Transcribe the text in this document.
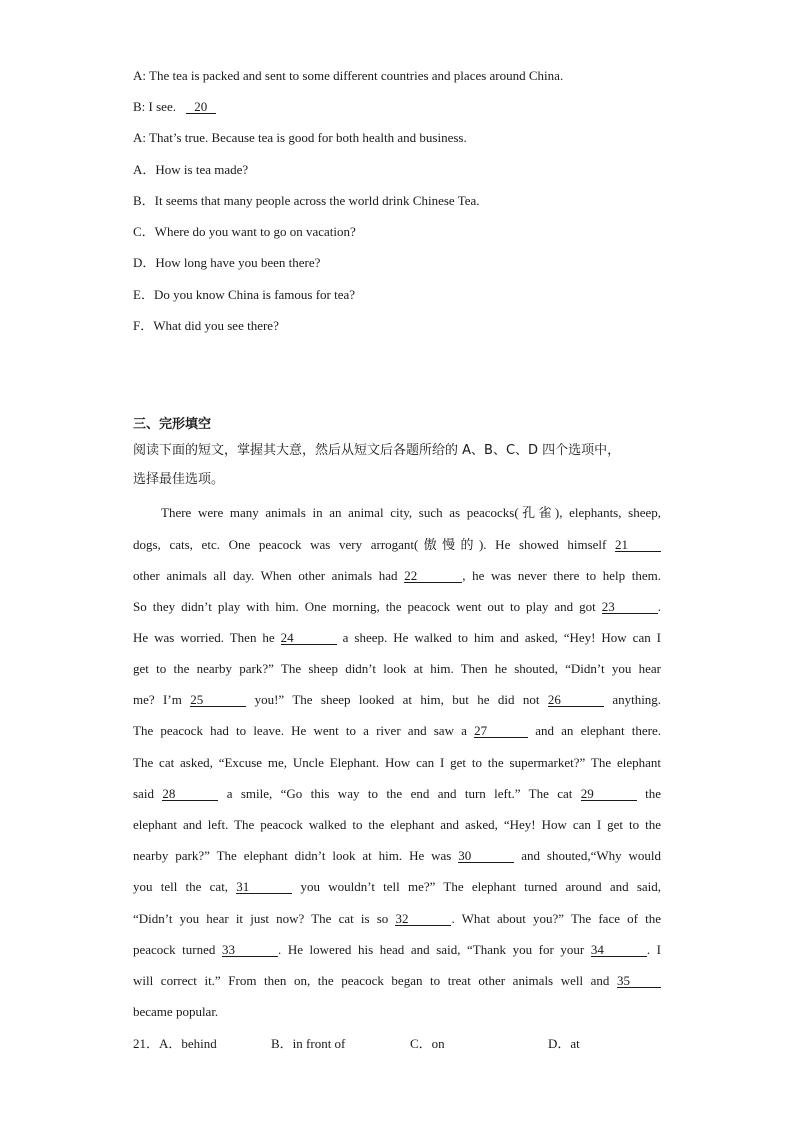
A: The tea is packed and sent to some different countries and places around China.
B: I see. 20
A: That’s true. Because tea is good for both health and business.
A．How is tea made?
B．It seems that many people across the world drink Chinese Tea.
C．Where do you want to go on vacation?
D．How long have you been there?
E．Do you know China is famous for tea?
F．What did you see there?
三、完形填空
阅读下面的短文，掌握其大意，然后从短文后各题所给的 A、B、C、D 四个选项中，
选择最佳选项。
There were many animals in an animal city, such as peacocks(孔雀), elephants, sheep,
dogs, cats, etc. One peacock was very arrogant(傲慢的). He showed himself 21
other animals all day. When other animals had 22	, he was never there to help them.
So they didn’t play with him. One morning, the peacock went out to play and got 23	.
He was worried. Then he 24	a sheep. He walked to him and asked, “Hey! How can I
get to the nearby park?” The sheep didn’t look at him. Then he shouted, “Didn’t you hear
me? I’m 25	you!” The sheep looked at him, but he did not 26	anything.
The peacock had to leave. He went to a river and saw a 27	and an elephant there.
The cat asked, “Excuse me, Uncle Elephant. How can I get to the supermarket?” The elephant
said 28	a smile, “Go this way to the end and turn left.” The cat 29	the
elephant and left. The peacock walked to the elephant and asked, “Hey! How can I get to the
nearby park?” The elephant didn’t look at him. He was 30	and shouted,“Why would
you tell the cat, 31	you wouldn’t tell me?” The elephant turned around and said,
“Didn’t you hear it just now? The cat is so 32	. What about you?” The face of the
peacock turned 33	. He lowered his head and said, “Thank you for your 34	. I
will correct it.” From then on, the peacock began to treat other animals well and 35
became popular.
21．A．behind	B．in front of	C．on	D．at
